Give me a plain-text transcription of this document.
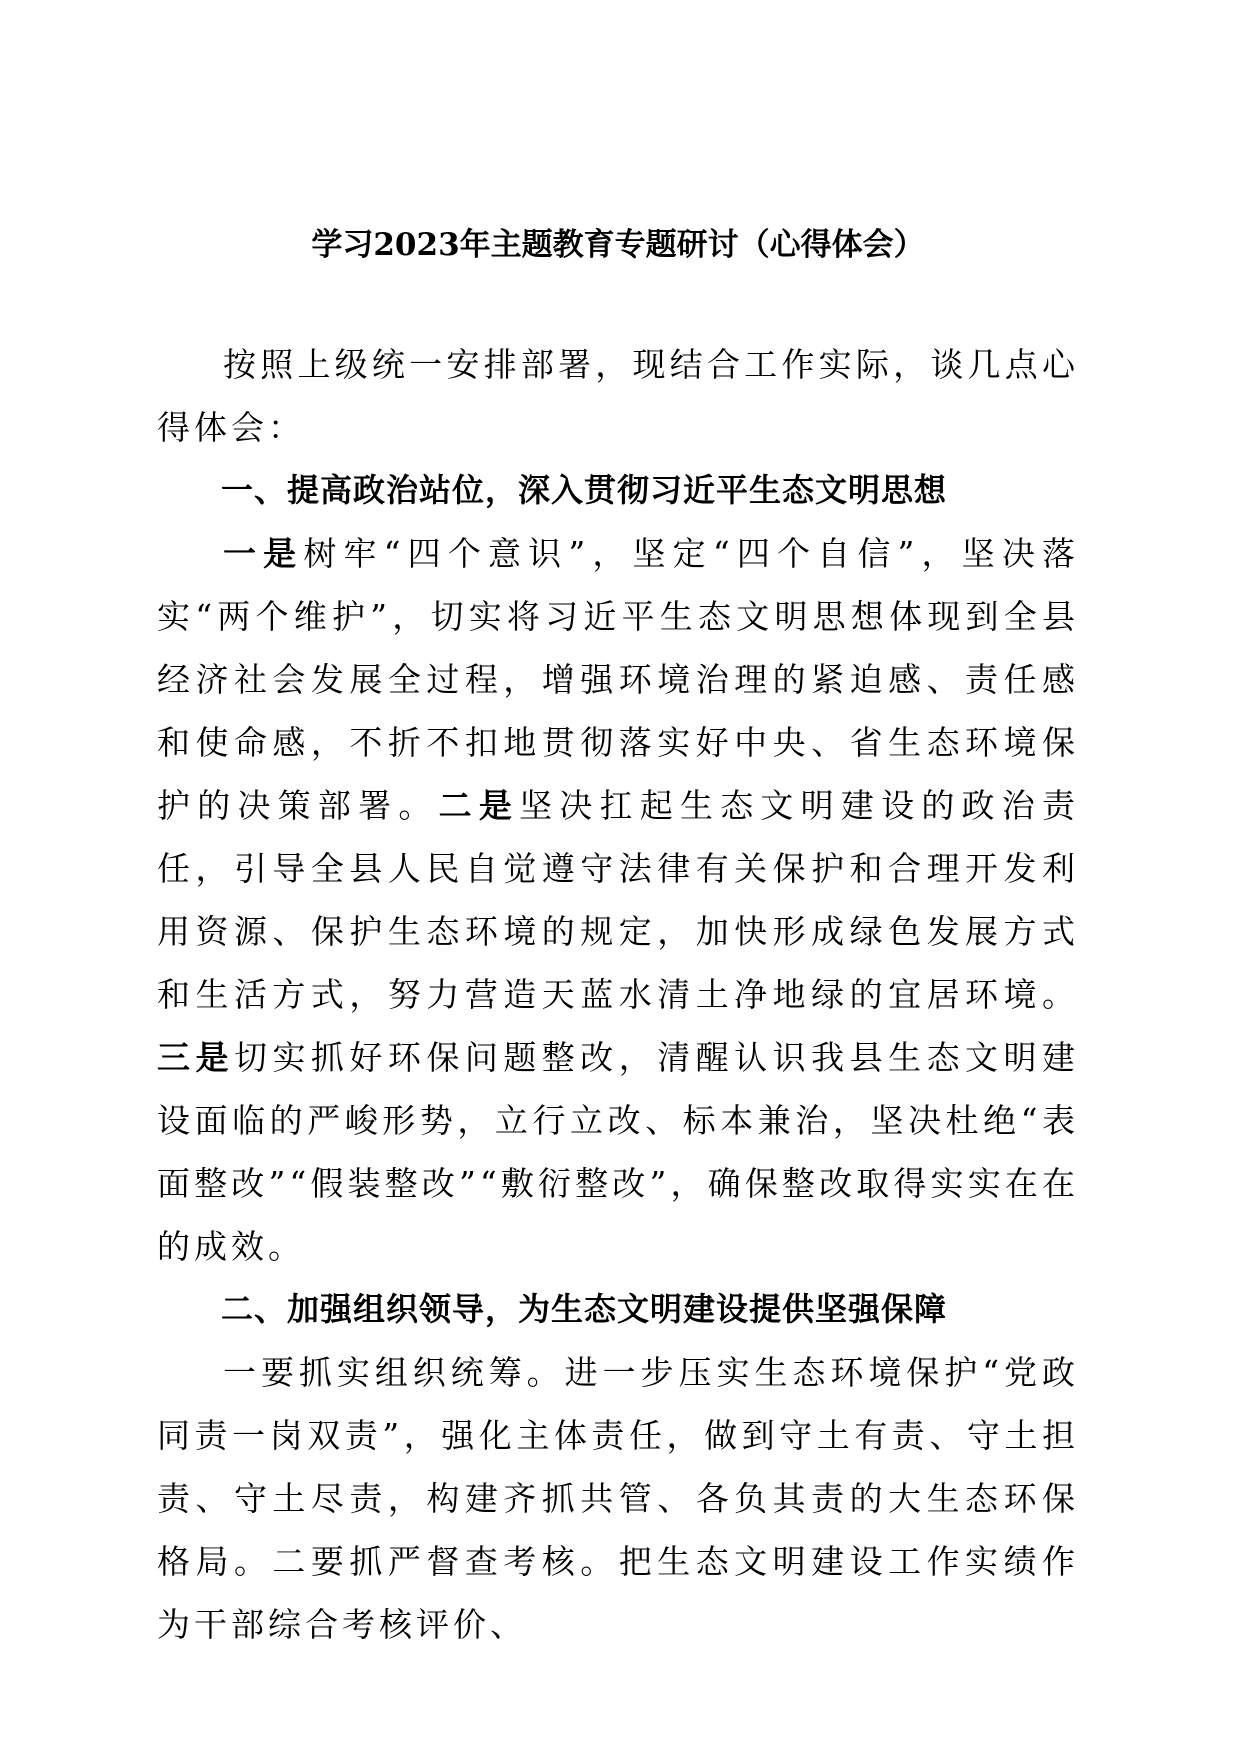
学习2023年主题教育专题研讨（心得体会）

按照上级统一安排部署，现结合工作实际，谈几点心得体会：

一、提高政治站位，深入贯彻习近平生态文明思想

一是树牢“四个意识”，坚定“四个自信”，坚决落实“两个维护”，切实将习近平生态文明思想体现到全县经济社会发展全过程，增强环境治理的紧迫感、责任感和使命感，不折不扣地贯彻落实好中央、省生态环境保护的决策部署。二是坚决扛起生态文明建设的政治责任，引导全县人民自觉遵守法律有关保护和合理开发利用资源、保护生态环境的规定，加快形成绿色发展方式和生活方式，努力营造天蓝水清土净地绿的宜居环境。三是切实抓好环保问题整改，清醒认识我县生态文明建设面临的严峻形势，立行立改、标本兼治，坚决杜绝“表面整改”“假装整改”“敷衍整改”，确保整改取得实实在在的成效。

二、加强组织领导，为生态文明建设提供坚强保障

一要抓实组织统筹。进一步压实生态环境保护“党政同责一岗双责”，强化主体责任，做到守土有责、守土担责、守土尽责，构建齐抓共管、各负其责的大生态环保格局。二要抓严督查考核。把生态文明建设工作实绩作为干部综合考核评价、
